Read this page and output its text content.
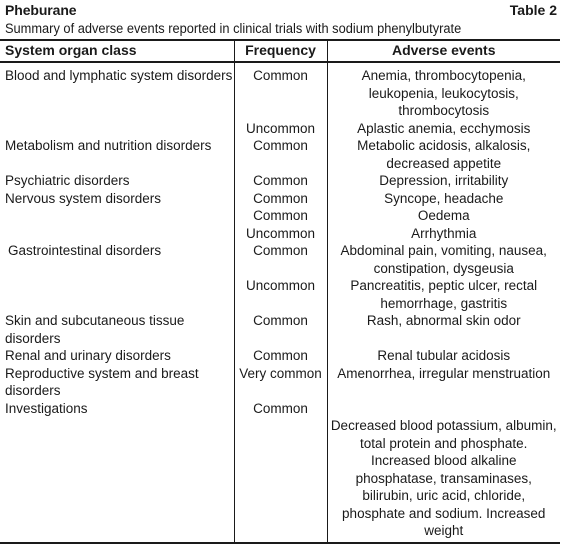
Pheburane	Table 2
Summary of adverse events reported in clinical trials with sodium phenylbutyrate
System organ class	Frequency	Adverse events
Blood and lymphatic system disorders	Common	Anemia, thrombocytopenia, leukopenia, leukocytosis, thrombocytosis
	Uncommon	Aplastic anemia, ecchymosis
Metabolism and nutrition disorders	Common	Metabolic acidosis, alkalosis, decreased appetite
Psychiatric disorders	Common	Depression, irritability
Nervous system disorders	Common	Syncope, headache
	Common	Oedema
	Uncommon	Arrhythmia
Gastrointestinal disorders	Common	Abdominal pain, vomiting, nausea, constipation, dysgeusia
	Uncommon	Pancreatitis, peptic ulcer, rectal hemorrhage, gastritis
Skin and subcutaneous tissue disorders	Common	Rash, abnormal skin odor
Renal and urinary disorders	Common	Renal tubular acidosis
Reproductive system and breast disorders	Very common	Amenorrhea, irregular menstruation
Investigations	Common	Decreased blood potassium, albumin, total protein and phosphate. Increased blood alkaline phosphatase, transaminases, bilirubin, uric acid, chloride, phosphate and sodium. Increased weight
